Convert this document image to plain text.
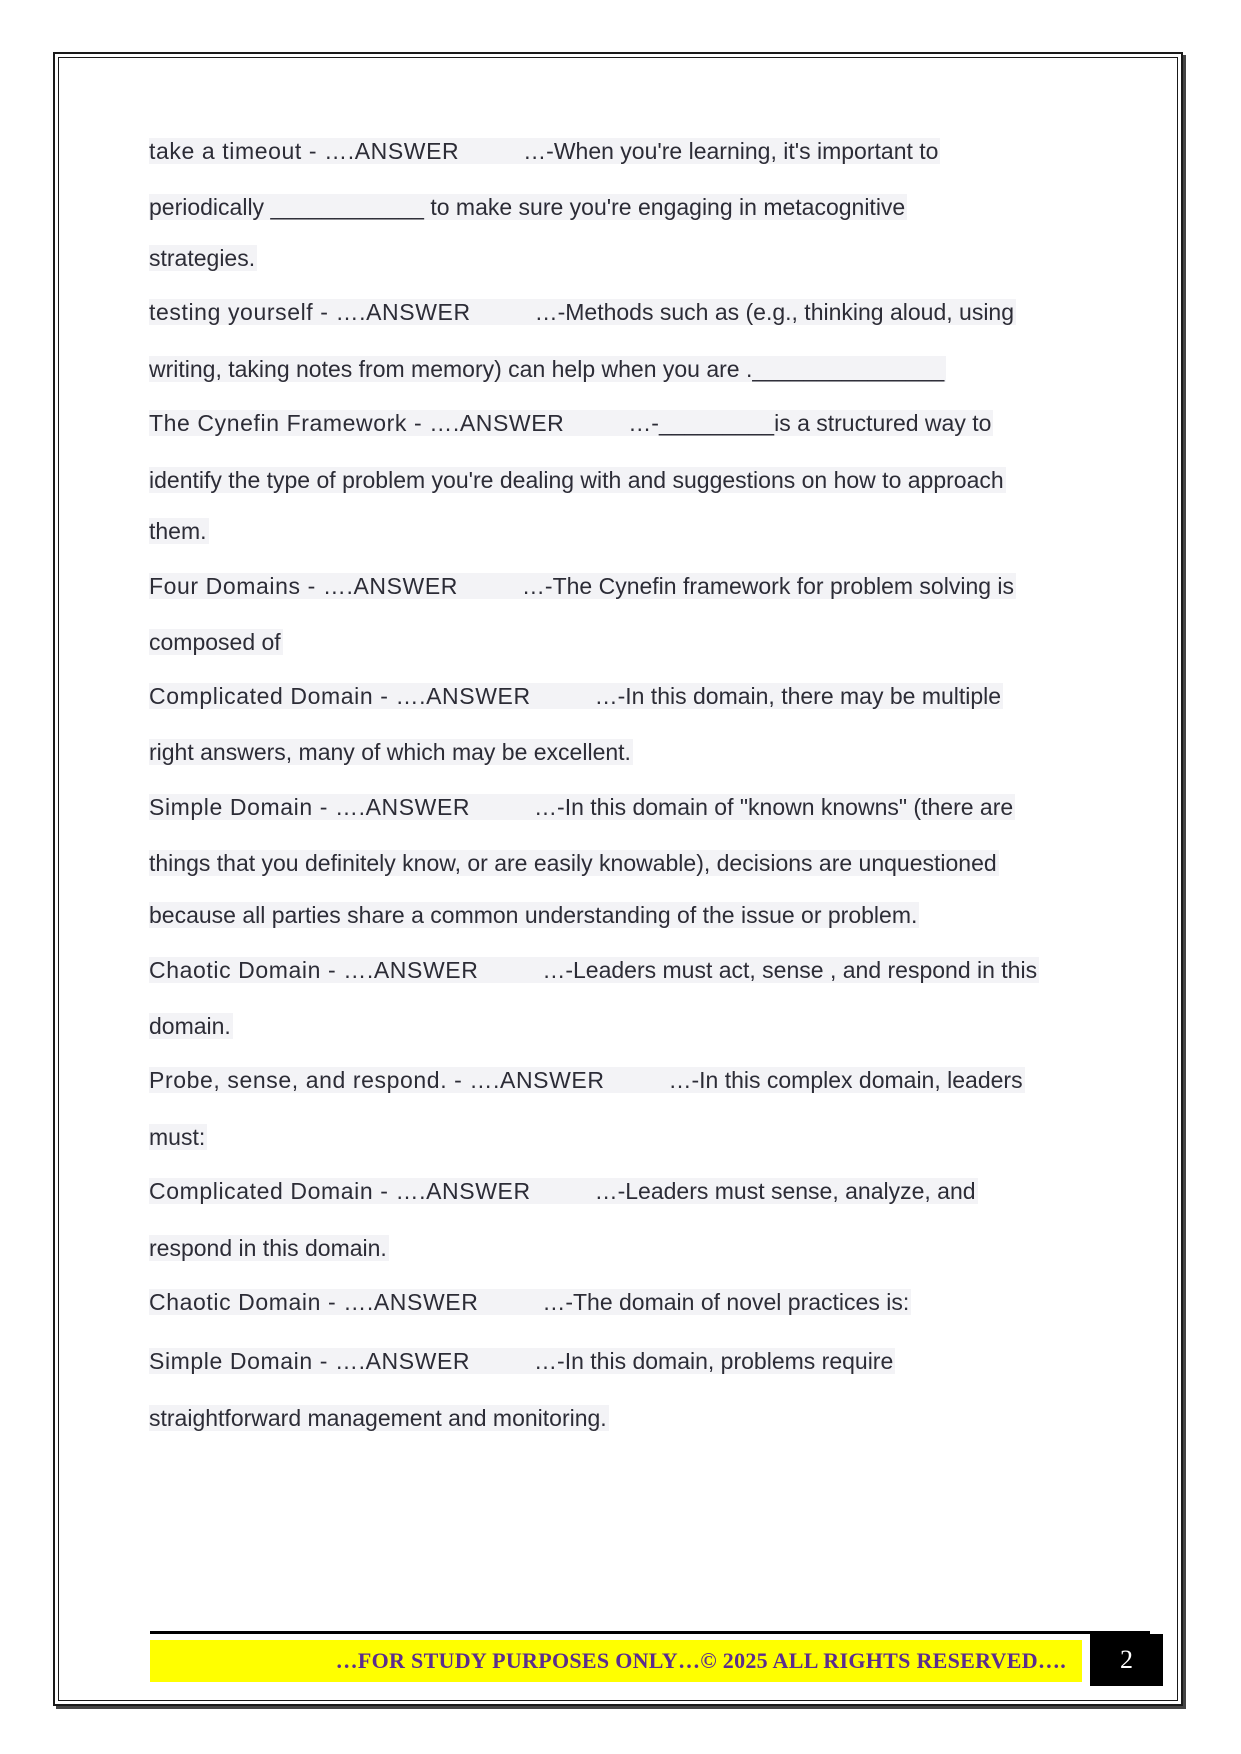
take a timeout - ….ANSWER	…-When you're learning, it's important to
periodically ____________ to make sure you're engaging in metacognitive
strategies.
testing yourself - ….ANSWER	…-Methods such as (e.g., thinking aloud, using
writing, taking notes from memory) can help when you are ._______________
The Cynefin Framework - ….ANSWER	…-_________is a structured way to
identify the type of problem you're dealing with and suggestions on how to approach
them.
Four Domains - ….ANSWER	…-The Cynefin framework for problem solving is
composed of
Complicated Domain - ….ANSWER	…-In this domain, there may be multiple
right answers, many of which may be excellent.
Simple Domain - ….ANSWER	…-In this domain of "known knowns" (there are
things that you definitely know, or are easily knowable), decisions are unquestioned
because all parties share a common understanding of the issue or problem.
Chaotic Domain - ….ANSWER	…-Leaders must act, sense , and respond in this
domain.
Probe, sense, and respond. - ….ANSWER	…-In this complex domain, leaders
must:
Complicated Domain - ….ANSWER	…-Leaders must sense, analyze, and
respond in this domain.
Chaotic Domain - ….ANSWER	…-The domain of novel practices is:
Simple Domain - ….ANSWER	…-In this domain, problems require
straightforward management and monitoring.
…FOR STUDY PURPOSES ONLY…© 2025 ALL RIGHTS RESERVED….	2
